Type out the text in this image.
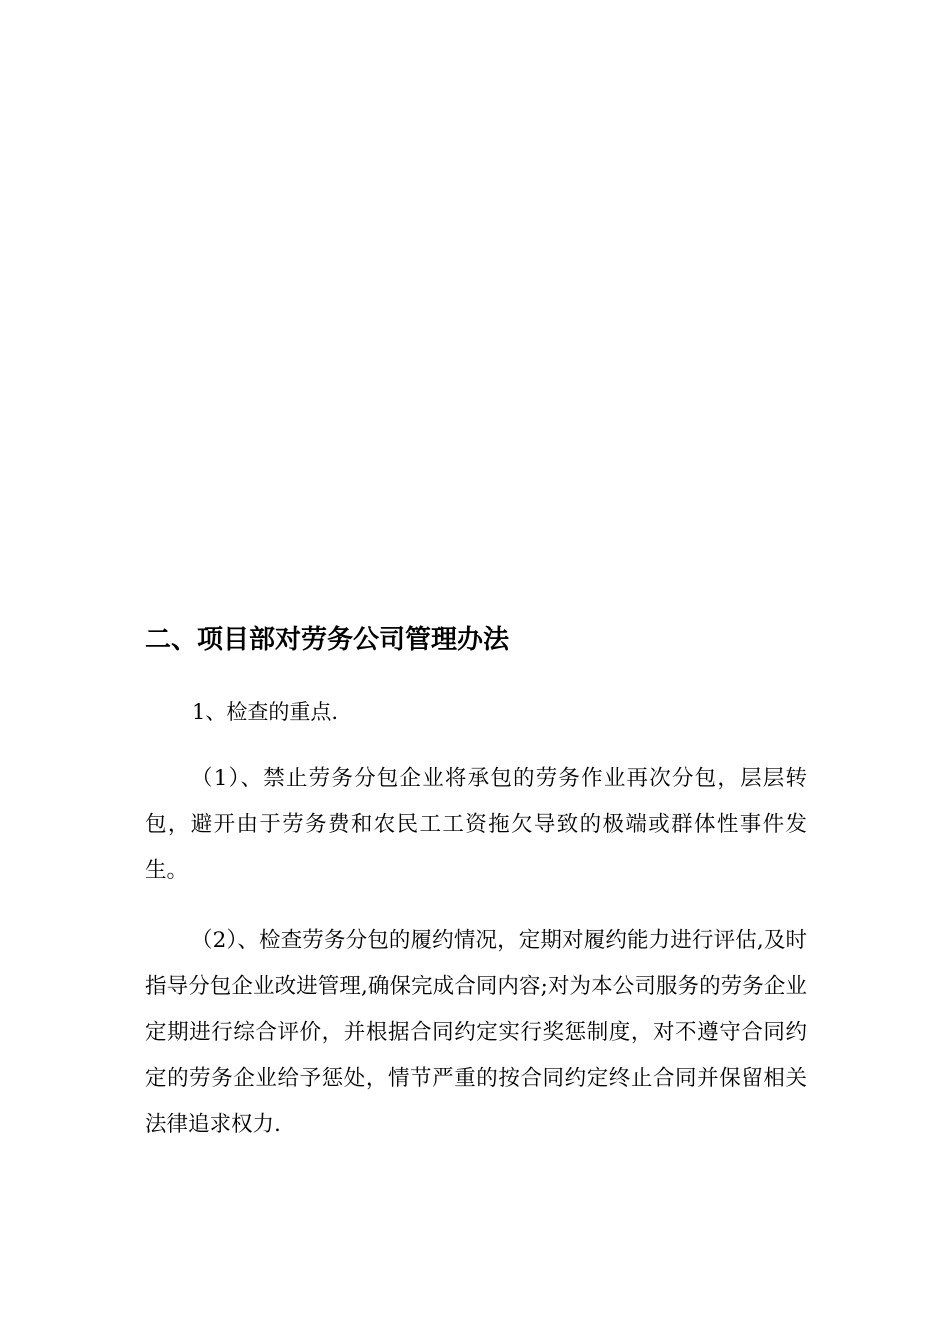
二、项目部对劳务公司管理办法

1、检查的重点.

（1）、禁止劳务分包企业将承包的劳务作业再次分包，层层转包，避开由于劳务费和农民工工资拖欠导致的极端或群体性事件发生。

（2）、检查劳务分包的履约情况，定期对履约能力进行评估,及时指导分包企业改进管理,确保完成合同内容;对为本公司服务的劳务企业定期进行综合评价，并根据合同约定实行奖惩制度，对不遵守合同约定的劳务企业给予惩处，情节严重的按合同约定终止合同并保留相关法律追求权力.
